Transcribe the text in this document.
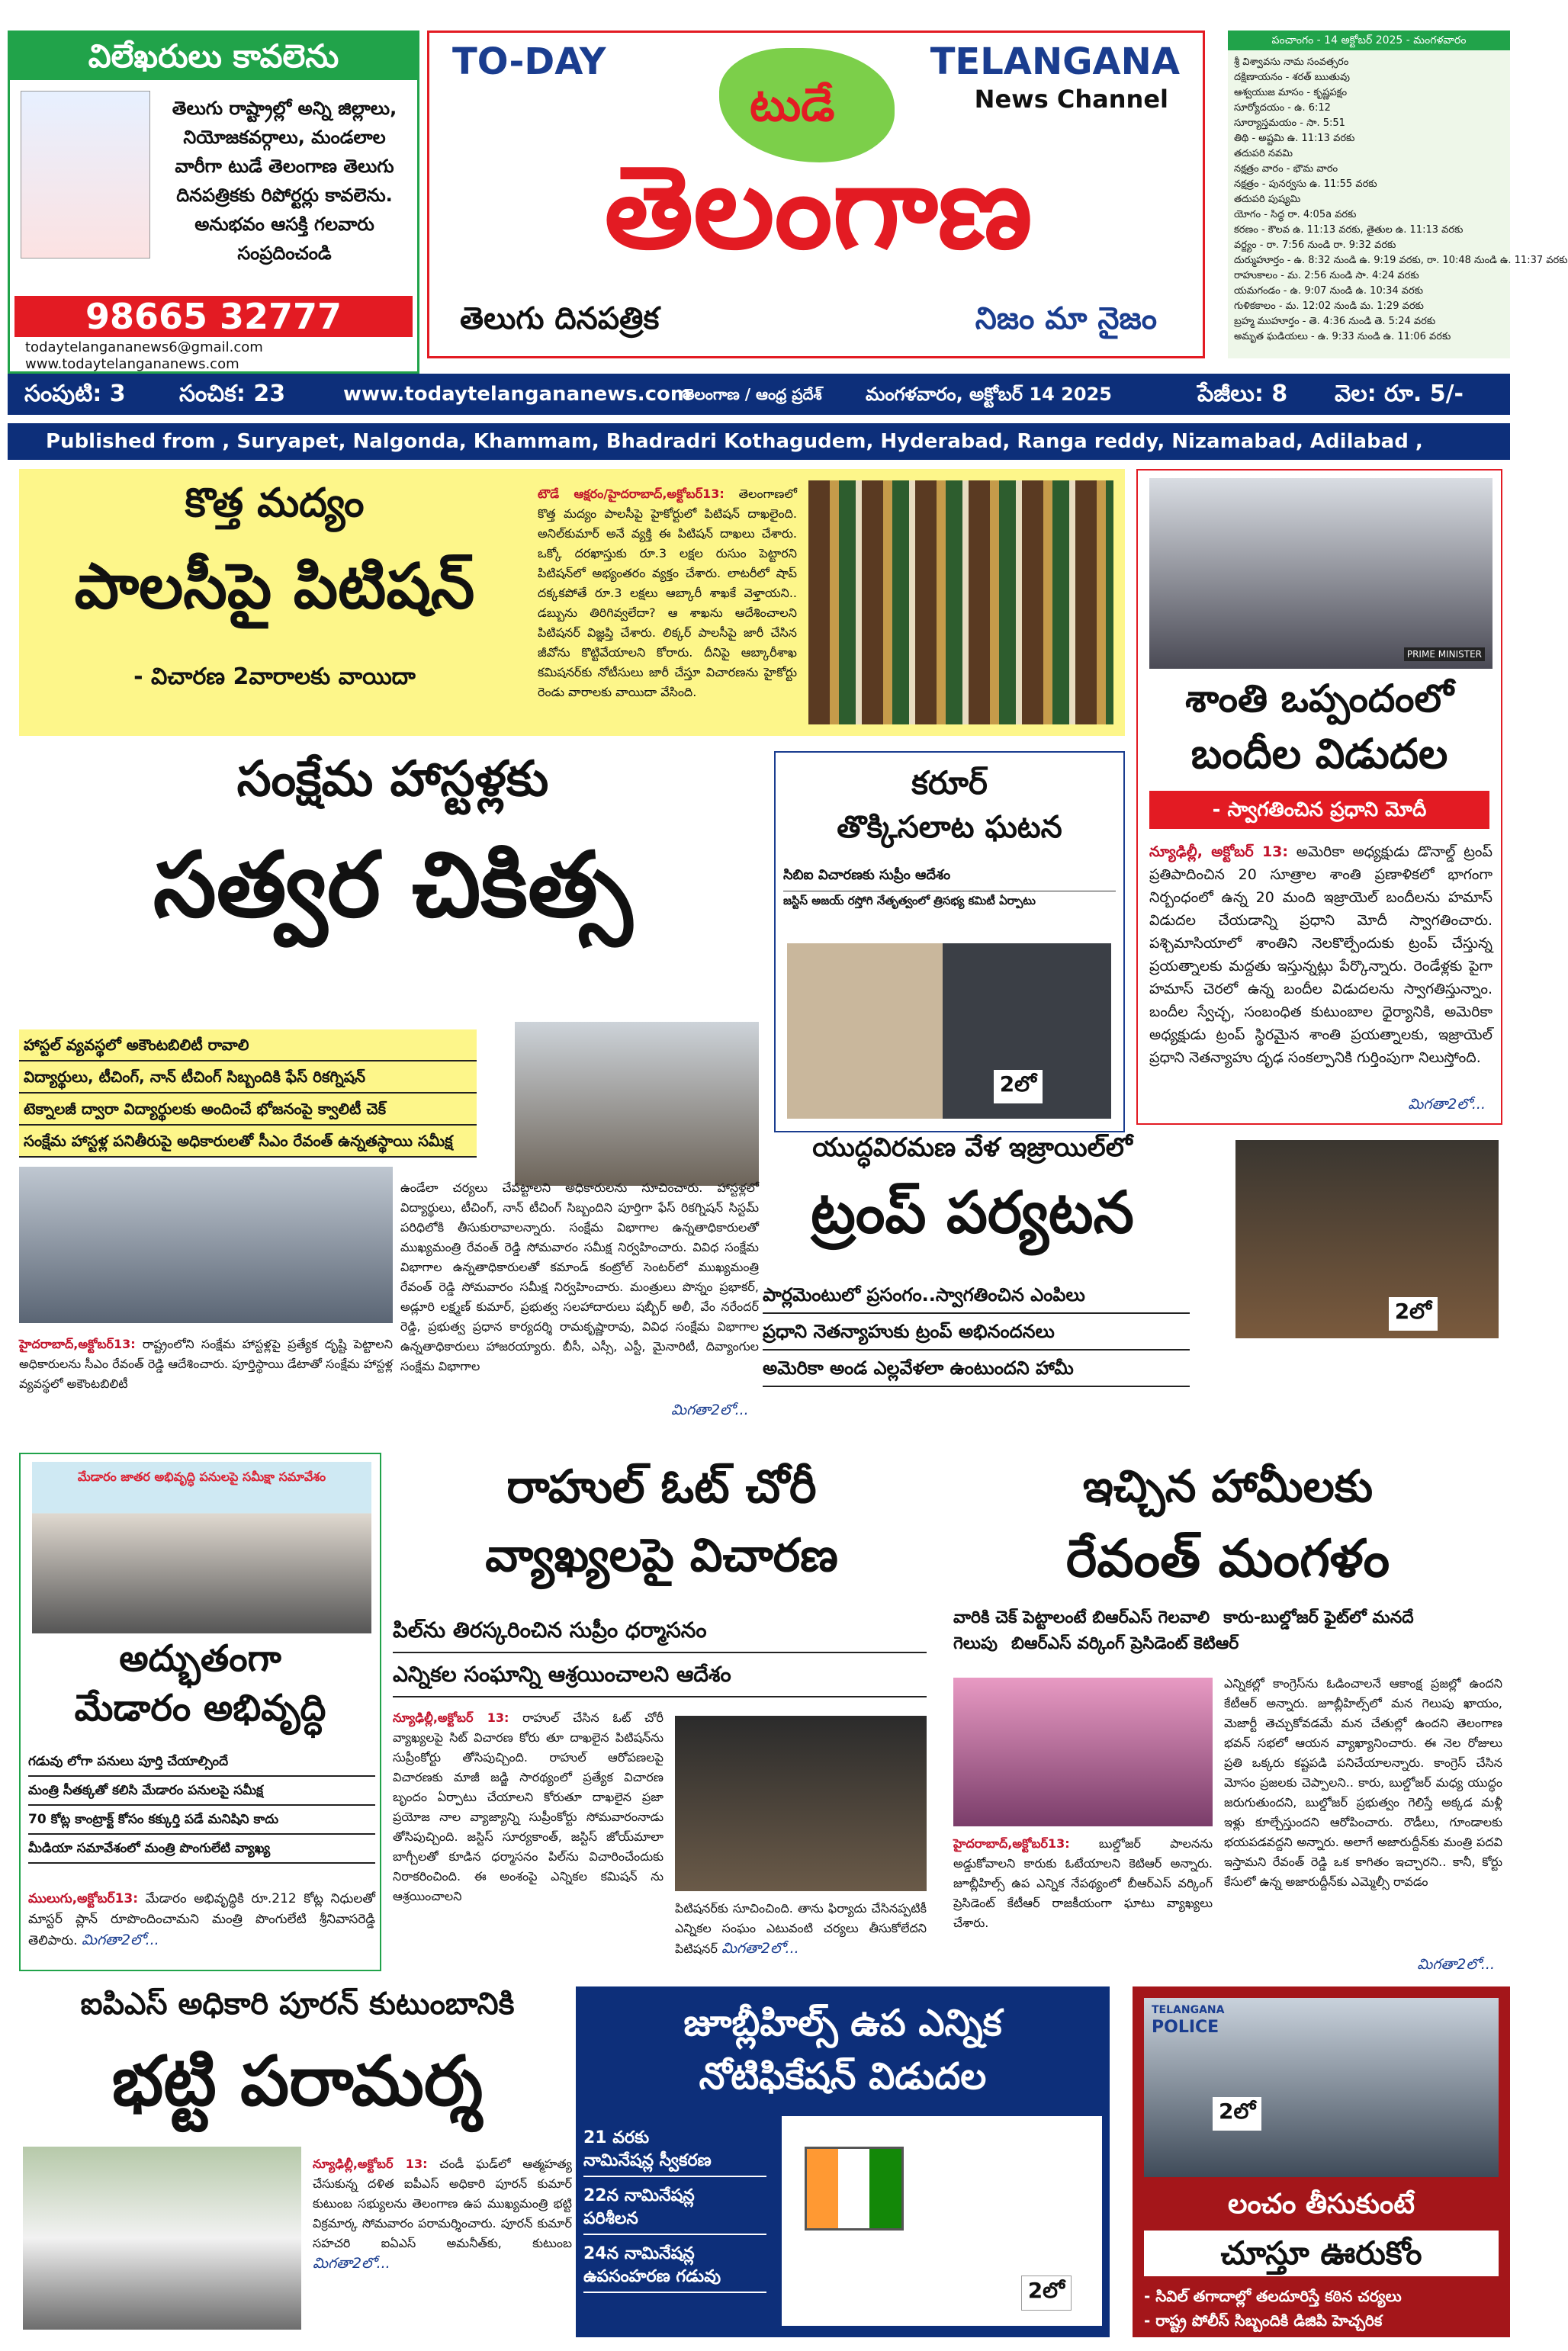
విలేఖరులు కావలెను
తెలుగు రాష్ట్రాల్లో అన్ని జిల్లాలు, నియోజకవర్గాలు, మండలాల వారీగా టుడే తెలంగాణ తెలుగు దినపత్రికకు రిపోర్టర్లు కావలెను. అనుభవం ఆసక్తి గలవారు సంప్రదించండి
98665 32777
todaytelangananews6@gmail.com
www.todaytelangananews.com
TO-DAY	TELANGANA
News Channel
టుడే
తెలంగాణ
తెలుగు దినపత్రిక	నిజం మా నైజం
పంచాంగం - 14 అక్టోబర్ 2025 - మంగళవారం
శ్రీ విశ్వావసు నామ సంవత్సరం
దక్షిణాయనం - శరత్ ఋతువు
ఆశ్వయుజ మాసం - కృష్ణపక్షం
సూర్యోదయం - ఉ. 6:12
సూర్యాస్తమయం - సా. 5:51
తిథి - అష్టమి ఉ. 11:13 వరకు
తదుపరి నవమి
నక్షత్రం వారం - భౌమ వారం
నక్షత్రం - పునర్వసు ఉ. 11:55 వరకు
తదుపరి పుష్యమి
యోగం - సిద్ధ రా. 4:05a వరకు
కరణం - కౌలవ ఉ. 11:13 వరకు, తైతుల ఉ. 11:13 వరకు
వర్జ్యం - రా. 7:56 నుండి రా. 9:32 వరకు
దుర్ముహూర్తం - ఉ. 8:32 నుండి ఉ. 9:19 వరకు, రా. 10:48 నుండి ఉ. 11:37 వరకు
రాహుకాలం - మ. 2:56 నుండి సా. 4:24 వరకు
యమగండం - ఉ. 9:07 నుండి ఉ. 10:34 వరకు
గుళికకాలం - మ. 12:02 నుండి మ. 1:29 వరకు
బ్రహ్మ ముహూర్తం - తె. 4:36 నుండి తె. 5:24 వరకు
అమృత ఘడియలు - ఉ. 9:33 నుండి ఉ. 11:06 వరకు
సంపుటి: 3 సంచిక: 23	www.todaytelangananews.com
తెలంగాణ / ఆంధ్ర ప్రదేశ్ మంగళవారం, అక్టోబర్ 14 2025	పేజీలు: 8 వెల: రూ. 5/-
Published from , Suryapet, Nalgonda, Khammam, Bhadradri Kothagudem, Hyderabad, Ranga reddy, Nizamabad, Adilabad ,
కొత్త మద్యం
పాలసీపై పిటిషన్
- విచారణ 2వారాలకు వాయిదా
టౌడే ఆక్షరం/హైదరాబాద్,అక్టోబర్13: తెలంగాణలో కొత్త మద్యం పాలసీపై హైకోర్టులో పిటిషన్ దాఖలైంది. అనిల్‌కుమార్ అనే వ్యక్తి ఈ పిటిషన్ దాఖలు చేశారు. ఒక్కో దరఖాస్తుకు రూ.3 లక్షల రుసుం పెట్టారని పిటిషన్‌లో అభ్యంతరం వ్యక్తం చేశారు. లాటరీలో షాప్ దక్కకపోతే రూ.3 లక్షలు ఆబ్కారీ శాఖకే వెళ్తాయని.. డబ్బును తిరిగివ్వలేదా? ఆ శాఖను ఆదేశించాలని పిటిషనర్ విజ్ఞప్తి చేశారు. లిక్కర్ పాలసీపై జారీ చేసిన జీవోను కొట్టివేయాలని కోరారు. దీనిపై ఆబ్కారీశాఖ కమిషనర్‌కు నోటీసులు జారీ చేస్తూ విచారణను హైకోర్టు రెండు వారాలకు వాయిదా వేసింది.
PRIME MINISTER
శాంతి ఒప్పందంలో
బందీల విడుదల
- స్వాగతించిన ప్రధాని మోదీ
న్యూఢిల్లీ, అక్టోబర్ 13: అమెరికా అధ్యక్షుడు డొనాల్డ్ ట్రంప్ ప్రతిపాదించిన 20 సూత్రాల శాంతి ప్రణాళికలో భాగంగా నిర్బంధంలో ఉన్న 20 మంది ఇజ్రాయెల్ బందీలను హమాస్ విడుదల చేయడాన్ని ప్రధాని మోదీ స్వాగతించారు. పశ్చిమాసియాలో శాంతిని నెలకొల్పేందుకు ట్రంప్ చేస్తున్న ప్రయత్నాలకు మద్దతు ఇస్తున్నట్లు పేర్కొన్నారు. రెండేళ్లకు పైగా హమాస్ చెరలో ఉన్న బందీల విడుదలను స్వాగతిస్తున్నాం. బందీల స్వేచ్ఛ, సంబంధిత కుటుంబాల ధైర్యానికి, అమెరికా అధ్యక్షుడు ట్రంప్ స్థిరమైన శాంతి ప్రయత్నాలకు, ఇజ్రాయెల్ ప్రధాని నెతన్యాహు దృఢ సంకల్పానికి గుర్తింపుగా నిలుస్తోంది.
మిగతా2లో...
సంక్షేమ హాస్టళ్లకు
సత్వర చికిత్స
హాస్టల్ వ్యవస్థలో అకౌంటబిలిటీ రావాలి
విద్యార్థులు, టీచింగ్, నాన్ టీచింగ్ సిబ్బందికి ఫేస్ రికగ్నిషన్
టెక్నాలజీ ద్వారా విద్యార్థులకు అందించే భోజనంపై క్వాలిటీ చెక్
సంక్షేమ హాస్టళ్ల పనితీరుపై అధికారులతో సీఎం రేవంత్ ఉన్నతస్థాయి సమీక్ష
ఉండేలా చర్యలు చేపట్టాలని అధికారులను సూచించారు. హాస్టళ్లలో విద్యార్థులు, టీచింగ్, నాన్ టీచింగ్ సిబ్బందిని పూర్తిగా ఫేస్ రికగ్నిషన్ సిస్టమ్ పరిధిలోకి తీసుకురావాలన్నారు. సంక్షేమ విభాగాల ఉన్నతాధికారులతో ముఖ్యమంత్రి రేవంత్ రెడ్డి సోమవారం సమీక్ష నిర్వహించారు. వివిధ సంక్షేమ విభాగాల ఉన్నతాధికారులతో కమాండ్ కంట్రోల్ సెంటర్‌లో ముఖ్యమంత్రి రేవంత్ రెడ్డి సోమవారం సమీక్ష నిర్వహించారు. మంత్రులు పొన్నం ప్రభాకర్, అడ్లూరి లక్ష్మణ్ కుమార్, ప్రభుత్వ సలహాదారులు షబ్బీర్ అలీ, వేం నరేందర్ రెడ్డి, ప్రభుత్వ ప్రధాన కార్యదర్శి రామకృష్ణారావు, వివిధ సంక్షేమ విభాగాల ఉన్నతాధికారులు హాజరయ్యారు. బీసీ, ఎస్సీ, ఎస్టీ, మైనారిటీ, దివ్యాంగుల సంక్షేమ విభాగాల
హైదరాబాద్,అక్టోబర్13: రాష్ట్రంలోని సంక్షేమ హాస్టళ్లపై ప్రత్యేక దృష్టి పెట్టాలని అధికారులను సీఎం రేవంత్ రెడ్డి ఆదేశించారు. పూర్తిస్థాయి డేటాతో సంక్షేమ హాస్టళ్ల వ్యవస్థలో అకౌంటబిలిటీ
మిగతా2లో...
కరూర్
తొక్కిసలాట ఘటన
సిబిఐ విచారణకు సుప్రీం ఆదేశం
జస్టిస్ అజయ్ రస్తోగి నేతృత్వంలో త్రిసభ్య కమిటీ ఏర్పాటు
2లో
యుద్ధవిరమణ వేళ ఇజ్రాయిల్‌లో
ట్రంప్ పర్యటన
పార్లమెంటులో ప్రసంగం..స్వాగతించిన ఎంపిలు
ప్రధాని నెతన్యాహుకు ట్రంప్ అభినందనలు
అమెరికా అండ ఎల్లవేళలా ఉంటుందని హామీ
2లో
మేడారం జాతర అభివృద్ధి పనులపై సమీక్షా సమావేశం
అద్భుతంగా
మేడారం అభివృద్ధి
గడువు లోగా పనులు పూర్తి చేయాల్సిందే
మంత్రి సీతక్కతో కలిసి మేడారం పనులపై సమీక్ష
70 కోట్ల కాంట్రాక్ట్ కోసం కక్కుర్తి పడే మనిషిని కాదు
మీడియా సమావేశంలో మంత్రి పొంగులేటి వ్యాఖ్య
ములుగు,అక్టోబర్13: మేడారం అభివృద్ధికి రూ.212 కోట్ల నిధులతో మాస్టర్ ప్లాన్ రూపొందించామని మంత్రి పొంగులేటి శ్రీనివాసరెడ్డి తెలిపారు. మిగతా2లో...
రాహుల్ ఓట్ చోరీ
వ్యాఖ్యలపై విచారణ
పిల్‌ను తిరస్కరించిన సుప్రీం ధర్మాసనం
ఎన్నికల సంఘాన్ని ఆశ్రయించాలని ఆదేశం
న్యూఢిల్లీ,అక్టోబర్ 13: రాహుల్ చేసిన ఓట్ చోరీ వ్యాఖ్యలపై సిట్ విచారణ కోరు తూ దాఖలైన పిటిషన్‌ను సుప్రీంకోర్టు తోసిపుచ్చింది. రాహుల్ ఆరోపణలపై విచారణకు మాజీ జడ్జి సారథ్యంలో ప్రత్యేక విచారణ బృందం ఏర్పాటు చేయాలని కోరుతూ దాఖలైన ప్రజా ప్రయోజ నాల వ్యాజ్యాన్ని సుప్రీంకోర్టు సోమవారంనాడు తోసిపుచ్చింది. జస్టిస్ సూర్యకాంత్, జస్టిస్ జోయ్‌మాలా బాగ్చీలతో కూడిన ధర్మాసనం పిల్‌ను విచారించేందుకు నిరాకరించింది. ఈ అంశంపై ఎన్నికల కమిషన్ ను ఆశ్రయించాలని
పిటిషనర్‌కు సూచించింది. తాను ఫిర్యాదు చేసినప్పటికీ ఎన్నికల సంఘం ఎటువంటి చర్యలు తీసుకోలేదని పిటిషనర్ మిగతా2లో...
ఇచ్చిన హామీలకు
రేవంత్ మంగళం
వారికి చెక్ పెట్టాలంటే బిఆర్‌ఎస్ గెలవాలి కారు-బుల్డోజర్ ఫైట్‌లో మనదే గెలుపు బిఆర్‌ఎస్ వర్కింగ్ ప్రెసిడెంట్ కెటిఆర్
ఎన్నికల్లో కాంగ్రెస్‌ను ఓడించాలనే ఆకాంక్ష ప్రజల్లో ఉందని కేటీఆర్ అన్నారు. జూబ్లీహిల్స్‌లో మన గెలుపు ఖాయం, మెజార్టీ తెచ్చుకోవడమే మన చేతుల్లో ఉందని తెలంగాణ భవన్ సభలో ఆయన వ్యాఖ్యానించారు. ఈ నెల రోజులు ప్రతి ఒక్కరు కష్టపడి పనిచేయాలన్నారు. కాంగ్రెస్ చేసిన మోసం ప్రజలకు చెప్పాలని.. కారు, బుల్డోజర్ మధ్య యుద్ధం జరుగుతుందని, బుల్డోజర్ ప్రభుత్వం గెలిస్తే అక్కడ మళ్లీ ఇళ్లు కూల్చేస్తుందని ఆరోపించారు. రౌడీలు, గూండాలకు భయపడవద్దని అన్నారు. అలాగే అజారుద్దీన్‌కు మంత్రి పదవి ఇస్తామని రేవంత్ రెడ్డి ఒక కాగితం ఇచ్చారని.. కానీ, కోర్టు కేసులో ఉన్న అజారుద్దీన్‌కు ఎమ్మెల్సీ రావడం
హైదరాబాద్,అక్టోబర్13: బుల్డోజర్ పాలనను అడ్డుకోవాలని కారుకు ఓటేయాలని కెటిఆర్ అన్నారు. జూబ్లీహిల్స్ ఉప ఎన్నిక నేపథ్యంలో బీఆర్ఎస్ వర్కింగ్ ప్రెసిడెంట్ కేటీఆర్ రాజకీయంగా ఘాటు వ్యాఖ్యలు చేశారు.
మిగతా2లో...
ఐపిఎస్ అధికారి పూరన్ కుటుంబానికి
భట్టి పరామర్శ
న్యూఢిల్లీ,అక్టోబర్ 13: చండీ ఘడ్‌లో ఆత్మహత్య చేసుకున్న దళిత ఐపీఎస్ అధికారి పూరన్ కుమార్ కుటుంబ సభ్యులను తెలంగాణ ఉప ముఖ్యమంత్రి భట్టి విక్రమార్క సోమవారం పరామర్శించారు. పూరన్ కుమార్ సహచరి ఐఏఎస్ అమనీత్‌కు, కుటుంబ మిగతా2లో...
జూబ్లీహిల్స్ ఉప ఎన్నిక
నోటిఫికేషన్ విడుదల
21 వరకు
నామినేషన్ల స్వీకరణ
22న నామినేషన్ల
పరిశీలన
24న నామినేషన్ల
ఉపసంహరణ గడువు
2లో
TELANGANA
POLICE
2లో
లంచం తీసుకుంటే
చూస్తూ ఊరుకోం
- సివిల్ తగాదాల్లో తలదూరిస్తే కఠిన చర్యలు
- రాష్ట్ర పోలీస్ సిబ్బందికి డిజిపి హెచ్చరిక
